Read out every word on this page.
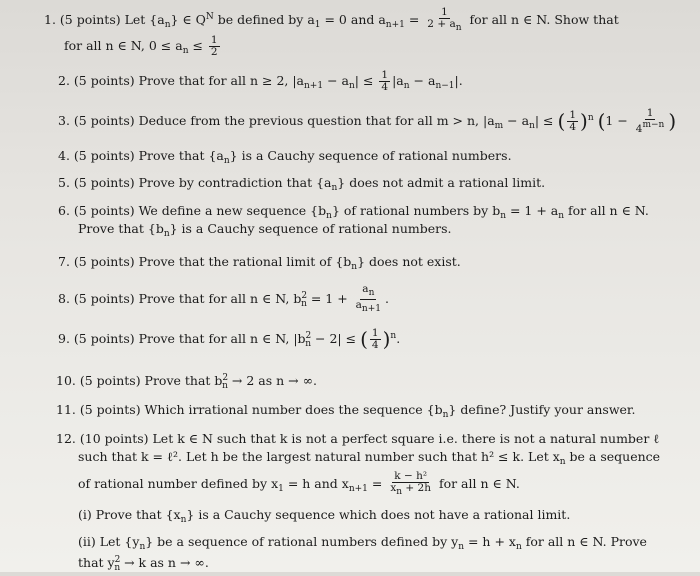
1. (5 points) Let $\{a_n\}$ ∈ $Q^N$ be defined by $a_1 = 0$ and $a_{n+1} = \frac{1}{2 + an}$ for all n ∈ N. Show that
for all n ∈ N, $0 \le a_n \le \frac{1}{2}$
2. (5 points) Prove that for all n ≥ 2, $|a_{n+1} - a_n| \le \frac{1}{4} |a_n - a_{n-1}|$.
3. (5 points) Deduce from the previous question that for all m > n, $|a_m - a_n|$ ≤ ( $\frac{1}{4} )^n$ ($1 - \frac{1}{4m-n}$ )
4. (5 points) Prove that $\{a_n\}$ is a Cauchy sequence of rational numbers.
5. (5 points) Prove by contradiction that $\{a_n\}$ does not admit a rational limit.
6. (5 points) We define a new sequence $\{b_n\}$ of rational numbers by $b_n = 1 + a_n$ for all n ∈ N.
Prove that $\{b_n\}$ is a Cauchy sequence of rational numbers.
7. (5 points) Prove that the rational limit of $\{b_n\}$ does not exist.
8. (5 points) Prove that for all n ∈ N, $b^2_n = 1 + \frac{an}{an+1}$ .
9. (5 points) Prove that for all n ∈ N, $|b^2_n - 2|$ ≤ ( $\frac{1}{4} )^n$.
10. (5 points) Prove that $b^2_n \to 2$ as n → ∞.
11. (5 points) Which irrational number does the sequence $\{b_n\}$ define? Justify your answer.
12. (10 points) Let k ∈ N such that k is not a perfect square i.e. there is not a natural number ℓ
such that k = ℓ². Let h be the largest natural number such that h² ≤ k. Let $x_n$ be a sequence
of rational number defined by $x_1 = h$ and $x_{n+1} = \frac{\text{k − h²}}{xn + 2h}$ for all n ∈ N.
(i) Prove that $\{x_n\}$ is a Cauchy sequence which does not have a rational limit.
(ii) Let $\{y_n\}$ be a sequence of rational numbers defined by $y_n = h + x_n$ for all n ∈ N. Prove
that $y^2_n \to k$ as n → ∞.
